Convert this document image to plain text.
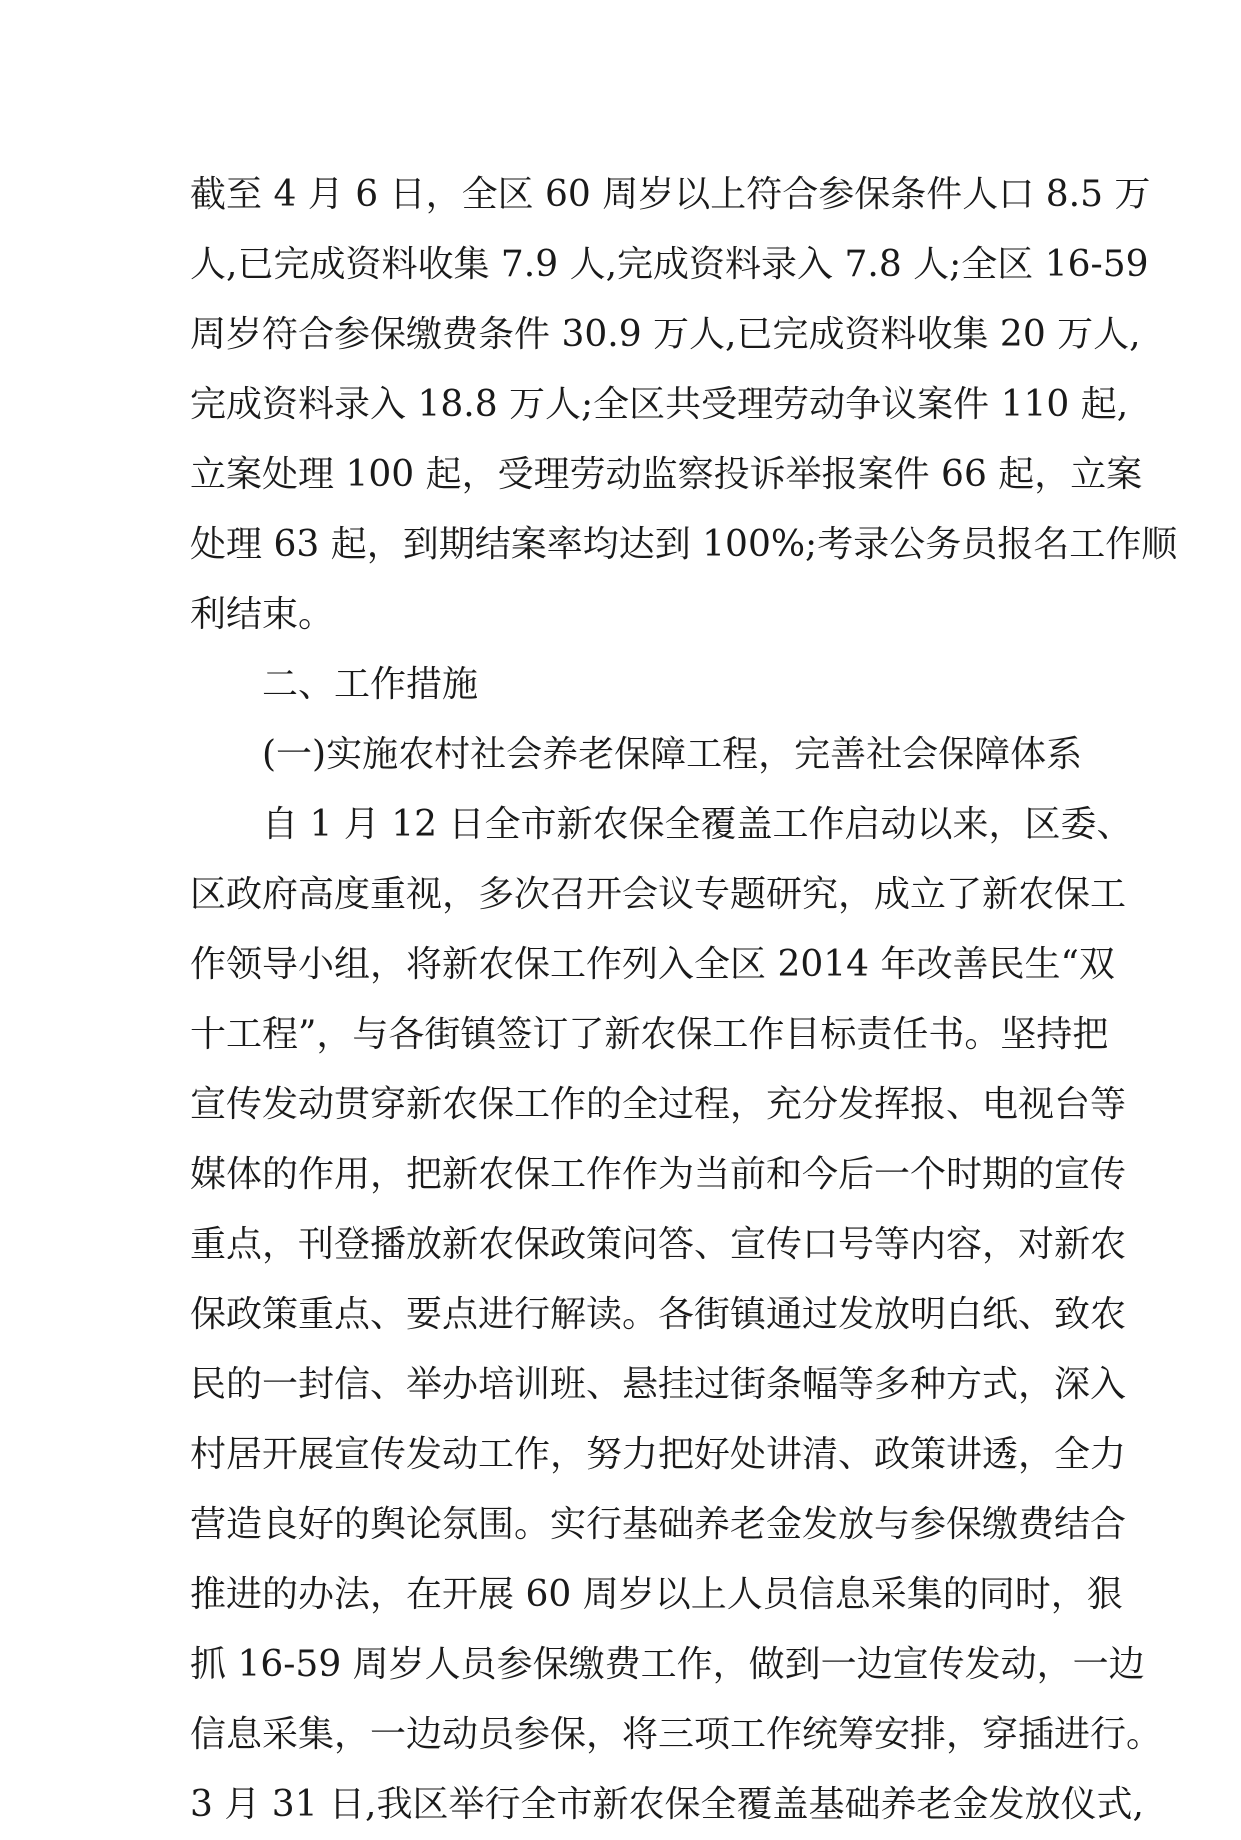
截至 4 月 6 日，全区 60 周岁以上符合参保条件人口 8.5 万
人,已完成资料收集 7.9 人,完成资料录入 7.8 人;全区 16-59
周岁符合参保缴费条件 30.9 万人,已完成资料收集 20 万人,
完成资料录入 18.8 万人;全区共受理劳动争议案件 110 起,
立案处理 100 起，受理劳动监察投诉举报案件 66 起，立案
处理 63 起，到期结案率均达到 100%;考录公务员报名工作顺
利结束。
二、工作措施
(一)实施农村社会养老保障工程，完善社会保障体系
自 1 月 12 日全市新农保全覆盖工作启动以来，区委、
区政府高度重视，多次召开会议专题研究，成立了新农保工
作领导小组，将新农保工作列入全区 2014 年改善民生“双
十工程”，与各街镇签订了新农保工作目标责任书。坚持把
宣传发动贯穿新农保工作的全过程，充分发挥报、电视台等
媒体的作用，把新农保工作作为当前和今后一个时期的宣传
重点，刊登播放新农保政策问答、宣传口号等内容，对新农
保政策重点、要点进行解读。各街镇通过发放明白纸、致农
民的一封信、举办培训班、悬挂过街条幅等多种方式，深入
村居开展宣传发动工作，努力把好处讲清、政策讲透，全力
营造良好的舆论氛围。实行基础养老金发放与参保缴费结合
推进的办法，在开展 60 周岁以上人员信息采集的同时，狠
抓 16-59 周岁人员参保缴费工作，做到一边宣传发动，一边
信息采集，一边动员参保，将三项工作统筹安排，穿插进行。
3 月 31 日,我区举行全市新农保全覆盖基础养老金发放仪式,
